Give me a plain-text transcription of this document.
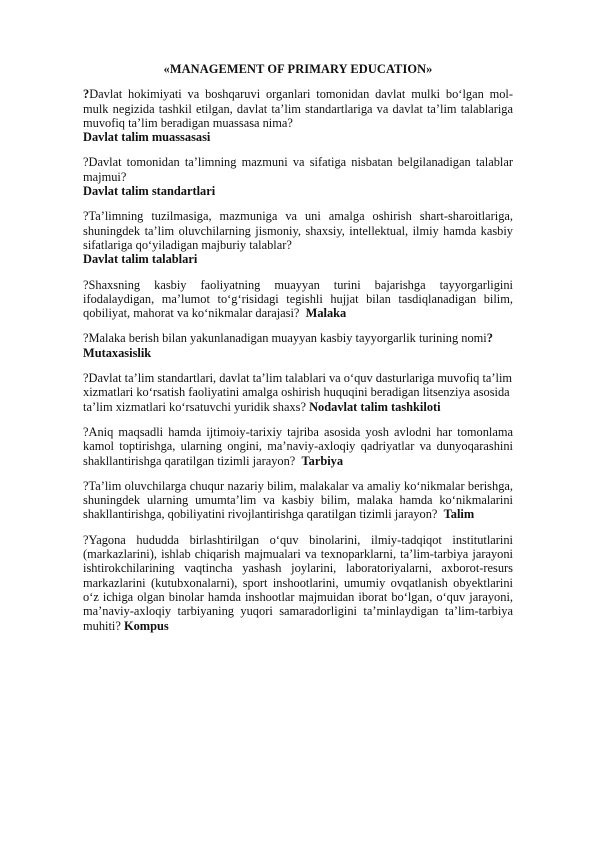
«MANAGEMENT OF PRIMARY EDUCATION»

?Davlat hokimiyati va boshqaruvi organlari tomonidan davlat mulki bo‘lgan mol-mulk negizida tashkil etilgan, davlat ta’lim standartlariga va davlat ta’lim talablariga muvofiq ta’lim beradigan muassasa nima?

Davlat talim muassasasi

?Davlat tomonidan ta’limning mazmuni va sifatiga nisbatan belgilanadigan talablar majmui?

Davlat talim standartlari

?Ta’limning tuzilmasiga, mazmuniga va uni amalga oshirish shart-sharoitlariga, shuningdek ta’lim oluvchilarning jismoniy, shaxsiy, intellektual, ilmiy hamda kasbiy sifatlariga qo‘yiladigan majburiy talablar?

Davlat talim talablari

?Shaxsning kasbiy faoliyatning muayyan turini bajarishga tayyorgarligini ifodalaydigan, ma’lumot to‘g‘risidagi tegishli hujjat bilan tasdiqlanadigan bilim, qobiliyat, mahorat va ko‘nikmalar darajasi? Malaka

?Malaka berish bilan yakunlanadigan muayyan kasbiy tayyorgarlik turining nomi?

Mutaxasislik

?Davlat ta’lim standartlari, davlat ta’lim talablari va o‘quv dasturlariga muvofiq ta’lim xizmatlari ko‘rsatish faoliyatini amalga oshirish huquqini beradigan litsenziya asosida ta’lim xizmatlari ko‘rsatuvchi yuridik shaxs? Nodavlat talim tashkiloti

?Aniq maqsadli hamda ijtimoiy-tarixiy tajriba asosida yosh avlodni har tomonlama kamol toptirishga, ularning ongini, ma’naviy-axloqiy qadriyatlar va dunyoqarashini shakllantirishga qaratilgan tizimli jarayon? Tarbiya

?Ta’lim oluvchilarga chuqur nazariy bilim, malakalar va amaliy ko‘nikmalar berishga, shuningdek ularning umumta’lim va kasbiy bilim, malaka hamda ko‘nikmalarini shakllantirishga, qobiliyatini rivojlantirishga qaratilgan tizimli jarayon? Talim

?Yagona hududda birlashtirilgan o‘quv binolarini, ilmiy-tadqiqot institutlarini (markazlarini), ishlab chiqarish majmualari va texnoparklarni, ta’lim-tarbiya jarayoni ishtirokchilarining vaqtincha yashash joylarini, laboratoriyalarni, axborot-resurs markazlarini (kutubxonalarni), sport inshootlarini, umumiy ovqatlanish obyektlarini o‘z ichiga olgan binolar hamda inshootlar majmuidan iborat bo‘lgan, o‘quv jarayoni, ma’naviy-axloqiy tarbiyaning yuqori samaradorligini ta’minlaydigan ta’lim-tarbiya muhiti? Kompus
